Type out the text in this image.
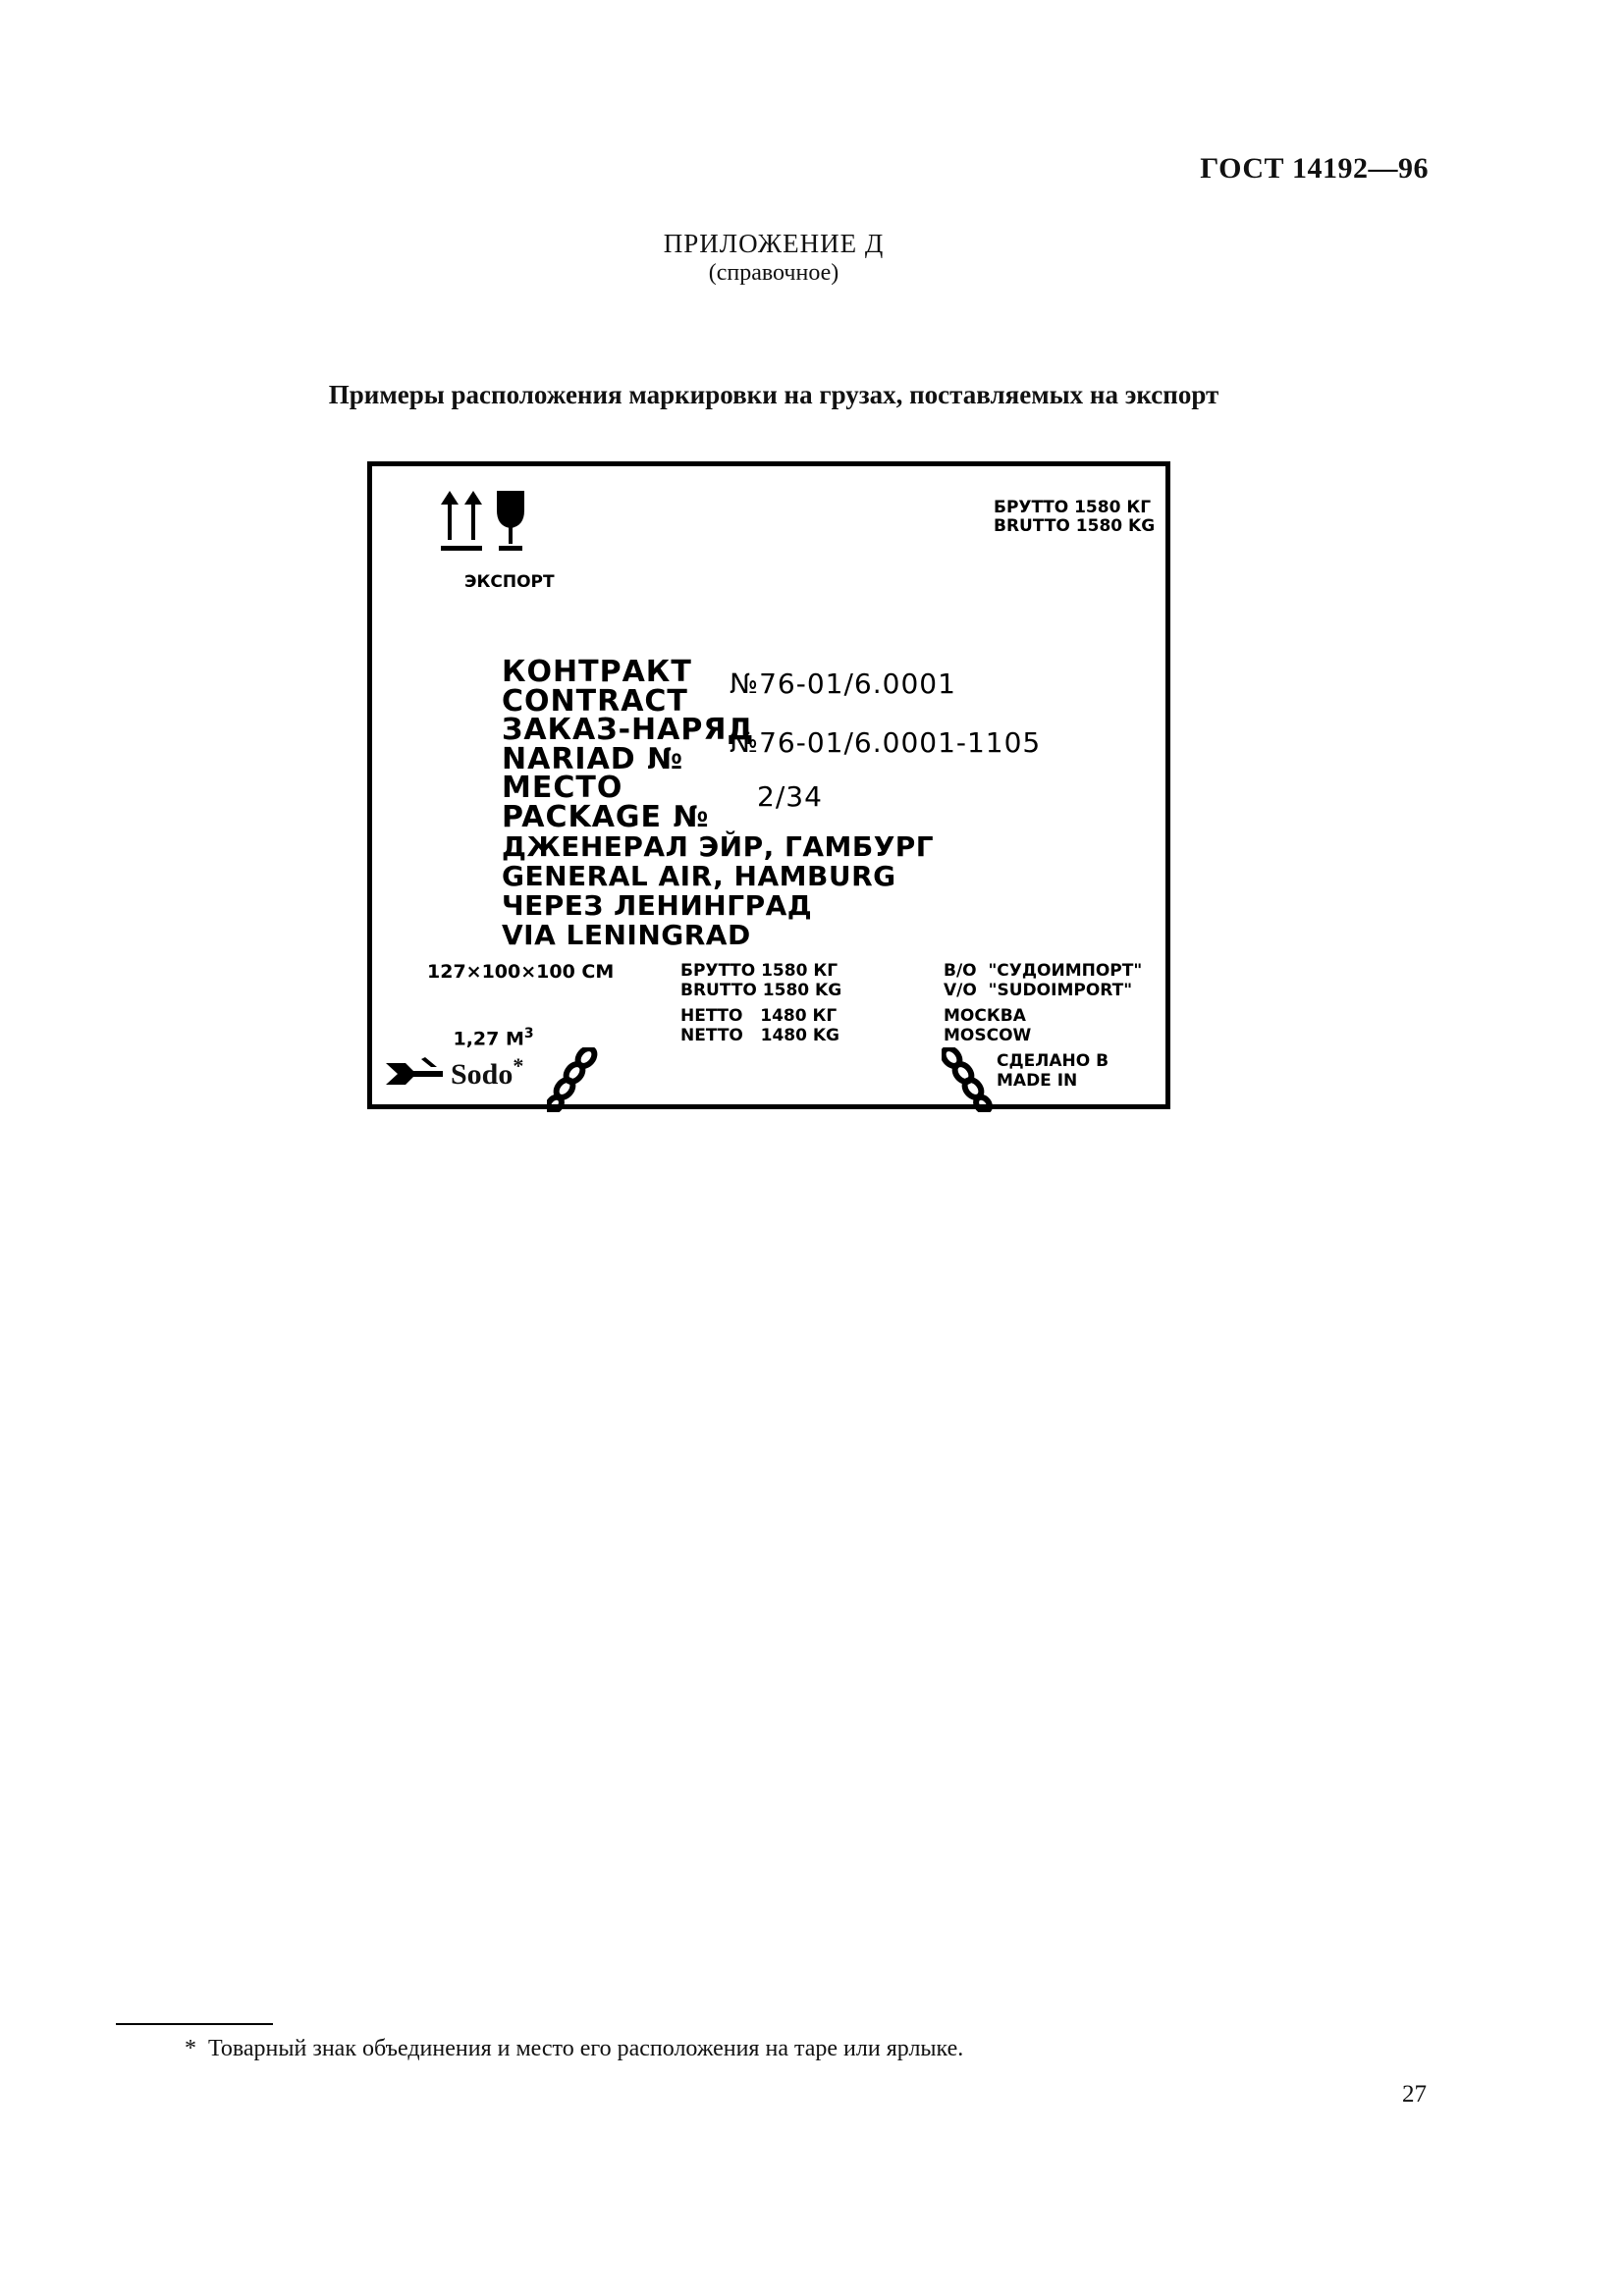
ГОСТ 14192—96
ПРИЛОЖЕНИЕ Д
(справочное)
Примеры расположения маркировки на грузах, поставляемых на экспорт
ЭКСПОРТ
БРУТТО 1580 КГ
BRUTTO 1580 KG
КОНТРАКТ
CONTRACT
№76-01/6.0001
ЗАКАЗ-НАРЯД
NARIAD № №76-01/6.0001-1105
МЕСТО
PACKAGE №
2/34
ДЖЕНЕРАЛ ЭЙР, ГАМБУРГ
GENERAL AIR, HAMBURG
ЧЕРЕЗ ЛЕНИНГРАД
VIA LENINGRAD
127×100×100 СМ

1,27 $М^3$

БРУТТО 1580 КГ
BRUTTO 1580 KG
НЕТТО   1480 КГ
NETTO   1480 KG
В/О  "СУДОИМПОРТ"
V/O  "SUDOIMPORT"
МОСКВА
MOSCOW
СДЕЛАНО В
MADE IN
Sodo*
* Товарный знак объединения и место его расположения на таре или ярлыке.
27
